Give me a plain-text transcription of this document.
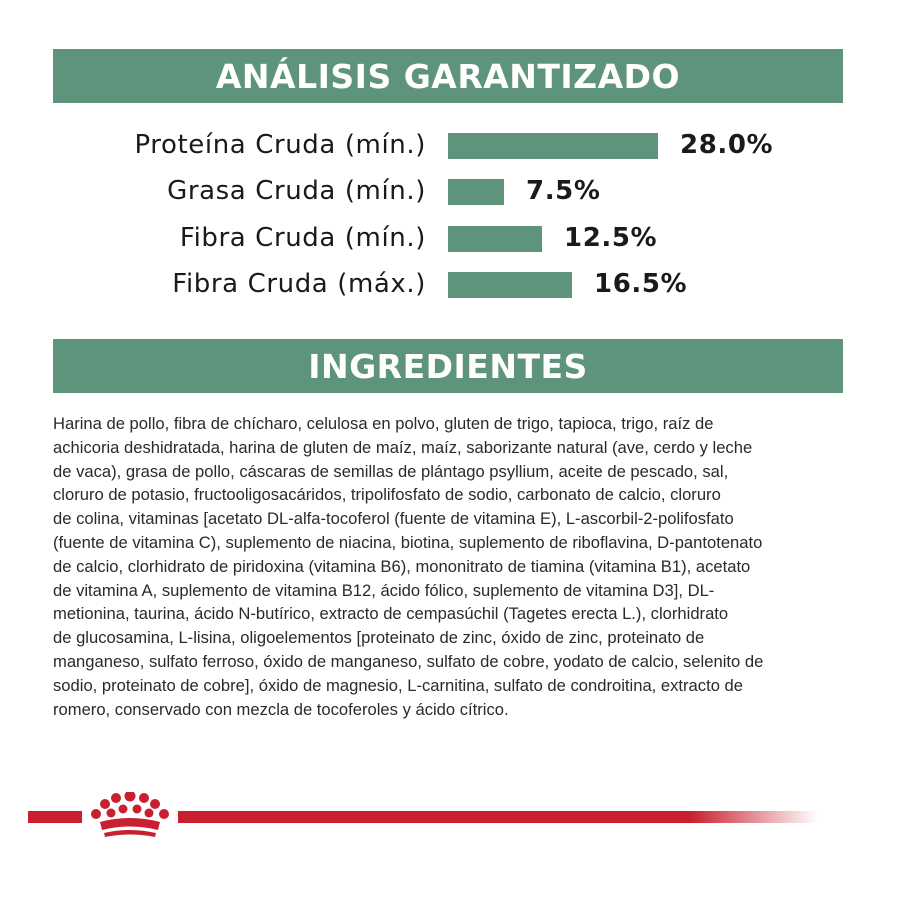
ANÁLISIS GARANTIZADO
Proteína Cruda (mín.)	28.0%
Grasa Cruda (mín.)	7.5%
Fibra Cruda (mín.)	12.5%
Fibra Cruda (máx.)	16.5%
INGREDIENTES
Harina de pollo, fibra de chícharo, celulosa en polvo, gluten de trigo, tapioca, trigo, raíz de
achicoria deshidratada, harina de gluten de maíz, maíz, saborizante natural (ave, cerdo y leche
de vaca), grasa de pollo, cáscaras de semillas de plántago psyllium, aceite de pescado, sal,
cloruro de potasio, fructooligosacáridos, tripolifosfato de sodio, carbonato de calcio, cloruro
de colina, vitaminas [acetato DL-alfa-tocoferol (fuente de vitamina E), L-ascorbil-2-polifosfato
(fuente de vitamina C), suplemento de niacina, biotina, suplemento de riboflavina, D-pantotenato
de calcio, clorhidrato de piridoxina (vitamina B6), mononitrato de tiamina (vitamina B1), acetato
de vitamina A, suplemento de vitamina B12, ácido fólico, suplemento de vitamina D3], DL-
metionina, taurina, ácido N-butírico, extracto de cempasúchil (Tagetes erecta L.), clorhidrato
de glucosamina, L-lisina, oligoelementos [proteinato de zinc, óxido de zinc, proteinato de
manganeso, sulfato ferroso, óxido de manganeso, sulfato de cobre, yodato de calcio, selenito de
sodio, proteinato de cobre], óxido de magnesio, L-carnitina, sulfato de condroitina, extracto de
romero, conservado con mezcla de tocoferoles y ácido cítrico.
